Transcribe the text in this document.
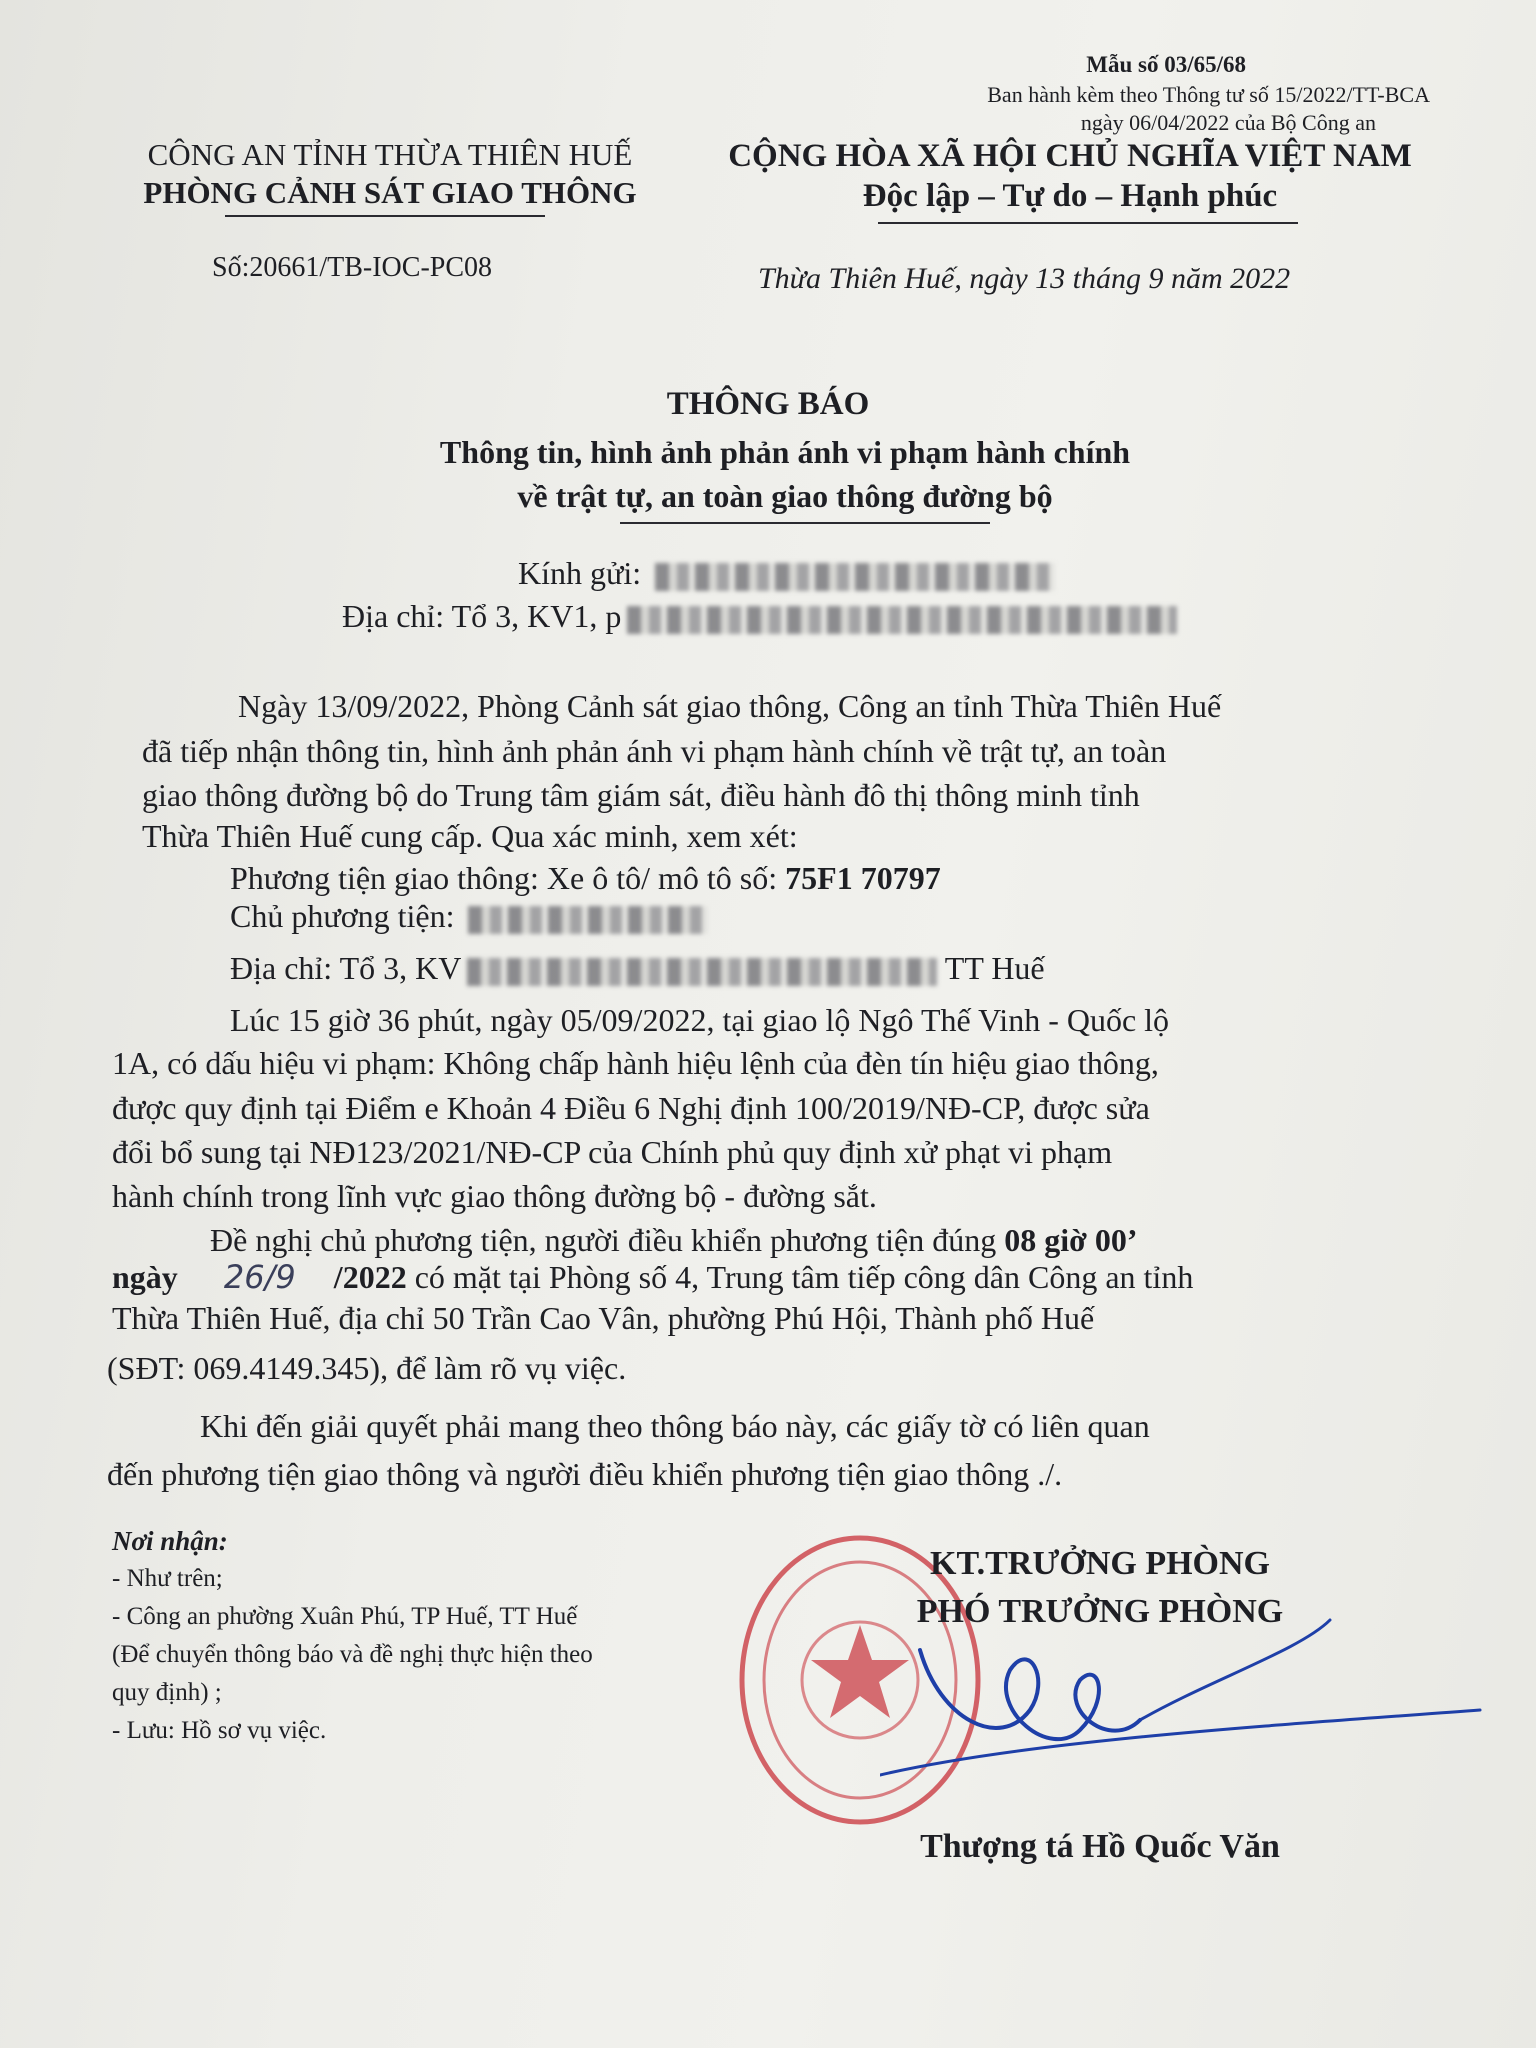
Mẫu số 03/65/68
Ban hành kèm theo Thông tư số 15/2022/TT-BCA
ngày 06/04/2022 của Bộ Công an
CÔNG AN TỈNH THỪA THIÊN HUẾ
PHÒNG CẢNH SÁT GIAO THÔNG
CỘNG HÒA XÃ HỘI CHỦ NGHĨA VIỆT NAM
Độc lập – Tự do – Hạnh phúc
Số:20661/TB-IOC-PC08	Thừa Thiên Huế, ngày 13 tháng 9 năm 2022
THÔNG BÁO
Thông tin, hình ảnh phản ánh vi phạm hành chính
về trật tự, an toàn giao thông đường bộ
Kính gửi:
Địa chỉ: Tổ 3, KV1, p
Ngày 13/09/2022, Phòng Cảnh sát giao thông, Công an tỉnh Thừa Thiên Huế
đã tiếp nhận thông tin, hình ảnh phản ánh vi phạm hành chính về trật tự, an toàn
giao thông đường bộ do Trung tâm giám sát, điều hành đô thị thông minh tỉnh
Thừa Thiên Huế cung cấp. Qua xác minh, xem xét:
Phương tiện giao thông: Xe ô tô/ mô tô số: 75F1 70797
Chủ phương tiện:
Địa chỉ: Tổ 3, KV	TT Huế
Lúc 15 giờ 36 phút, ngày 05/09/2022, tại giao lộ Ngô Thế Vinh - Quốc lộ
1A, có dấu hiệu vi phạm: Không chấp hành hiệu lệnh của đèn tín hiệu giao thông,
được quy định tại Điểm e Khoản 4 Điều 6 Nghị định 100/2019/NĐ-CP, được sửa
đổi bổ sung tại NĐ123/2021/NĐ-CP của Chính phủ quy định xử phạt vi phạm
hành chính trong lĩnh vực giao thông đường bộ - đường sắt.
Đề nghị chủ phương tiện, người điều khiển phương tiện đúng 08 giờ 00’
ngày 26/9 /2022 có mặt tại Phòng số 4, Trung tâm tiếp công dân Công an tỉnh
Thừa Thiên Huế, địa chỉ 50 Trần Cao Vân, phường Phú Hội, Thành phố Huế
(SĐT: 069.4149.345), để làm rõ vụ việc.
Khi đến giải quyết phải mang theo thông báo này, các giấy tờ có liên quan
đến phương tiện giao thông và người điều khiển phương tiện giao thông ./.
Nơi nhận:
- Như trên;
- Công an phường Xuân Phú, TP Huế, TT Huế
(Để chuyển thông báo và đề nghị thực hiện theo
quy định) ;
- Lưu: Hồ sơ vụ việc.
KT.TRƯỞNG PHÒNG
PHÓ TRƯỞNG PHÒNG
Thượng tá Hồ Quốc Văn
